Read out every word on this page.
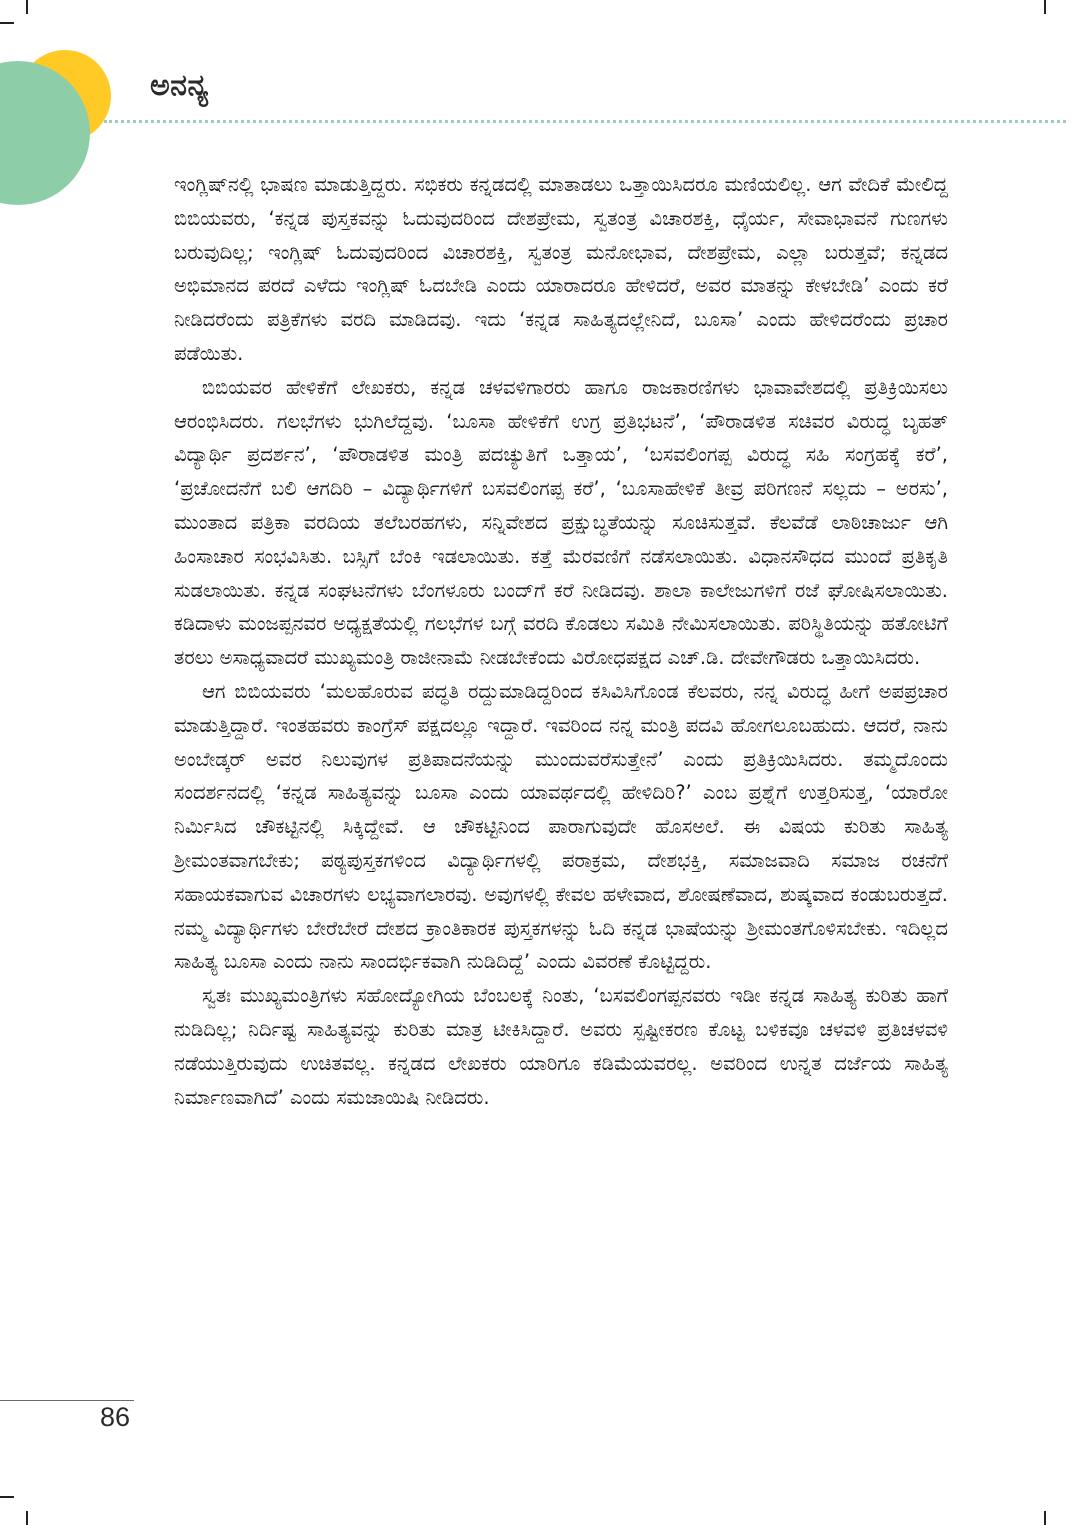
ಅನನ್ಯ

ಇಂಗ್ಲಿಷ್‌ನಲ್ಲಿ ಭಾಷಣ ಮಾಡುತ್ತಿದ್ದರು. ಸಭಿಕರು ಕನ್ನಡದಲ್ಲಿ ಮಾತಾಡಲು ಒತ್ತಾಯಿಸಿದರೂ ಮಣಿಯಲಿಲ್ಲ. ಆಗ ವೇದಿಕೆ ಮೇಲಿದ್ದ ಬಿಬಿಯವರು, ‘ಕನ್ನಡ ಪುಸ್ತಕವನ್ನು ಓದುವುದರಿಂದ ದೇಶಪ್ರೇಮ, ಸ್ವತಂತ್ರ ವಿಚಾರಶಕ್ತಿ, ಧೈರ್ಯ, ಸೇವಾಭಾವನೆ ಗುಣಗಳು ಬರುವುದಿಲ್ಲ; ಇಂಗ್ಲಿಷ್ ಓದುವುದರಿಂದ ವಿಚಾರಶಕ್ತಿ, ಸ್ವತಂತ್ರ ಮನೋಭಾವ, ದೇಶಪ್ರೇಮ, ಎಲ್ಲಾ ಬರುತ್ತವೆ; ಕನ್ನಡದ ಅಭಿಮಾನದ ಪರದೆ ಎಳೆದು ಇಂಗ್ಲಿಷ್ ಓದಬೇಡಿ ಎಂದು ಯಾರಾದರೂ ಹೇಳಿದರೆ, ಅವರ ಮಾತನ್ನು ಕೇಳಬೇಡಿ’ ಎಂದು ಕರೆ ನೀಡಿದರೆಂದು ಪತ್ರಿಕೆಗಳು ವರದಿ ಮಾಡಿದವು. ಇದು ‘ಕನ್ನಡ ಸಾಹಿತ್ಯದಲ್ಲೇನಿದೆ, ಬೂಸಾ’ ಎಂದು ಹೇಳಿದರೆಂದು ಪ್ರಚಾರ ಪಡೆಯಿತು.

ಬಿಬಿಯವರ ಹೇಳಿಕೆಗೆ ಲೇಖಕರು, ಕನ್ನಡ ಚಳವಳಿಗಾರರು ಹಾಗೂ ರಾಜಕಾರಣಿಗಳು ಭಾವಾವೇಶದಲ್ಲಿ ಪ್ರತಿಕ್ರಿಯಿಸಲು ಆರಂಭಿಸಿದರು. ಗಲಭೆಗಳು ಭುಗಿಲೆದ್ದವು. ‘ಬೂಸಾ ಹೇಳಿಕೆಗೆ ಉಗ್ರ ಪ್ರತಿಭಟನೆ’, ‘ಪೌರಾಡಳಿತ ಸಚಿವರ ವಿರುದ್ಧ ಬೃಹತ್ ವಿದ್ಯಾರ್ಥಿ ಪ್ರದರ್ಶನ’, ‘ಪೌರಾಡಳಿತ ಮಂತ್ರಿ ಪದಚ್ಯುತಿಗೆ ಒತ್ತಾಯ’, ‘ಬಸವಲಿಂಗಪ್ಪ ವಿರುದ್ಧ ಸಹಿ ಸಂಗ್ರಹಕ್ಕೆ ಕರೆ’, ‘ಪ್ರಚೋದನೆಗೆ ಬಲಿ ಆಗದಿರಿ – ವಿದ್ಯಾರ್ಥಿಗಳಿಗೆ ಬಸವಲಿಂಗಪ್ಪ ಕರೆ’, ‘ಬೂಸಾಹೇಳಿಕೆ ತೀವ್ರ ಪರಿಗಣನೆ ಸಲ್ಲದು – ಅರಸು’, ಮುಂತಾದ ಪತ್ರಿಕಾ ವರದಿಯ ತಲೆಬರಹಗಳು, ಸನ್ನಿವೇಶದ ಪ್ರಕ್ಷುಬ್ಧತೆಯನ್ನು ಸೂಚಿಸುತ್ತವೆ. ಕೆಲವೆಡೆ ಲಾಠಿಚಾರ್ಜು ಆಗಿ ಹಿಂಸಾಚಾರ ಸಂಭವಿಸಿತು. ಬಸ್ಸಿಗೆ ಬೆಂಕಿ ಇಡಲಾಯಿತು. ಕತ್ತೆ ಮೆರವಣಿಗೆ ನಡೆಸಲಾಯಿತು. ವಿಧಾನಸೌಧದ ಮುಂದೆ ಪ್ರತಿಕೃತಿ ಸುಡಲಾಯಿತು. ಕನ್ನಡ ಸಂಘಟನೆಗಳು ಬೆಂಗಳೂರು ಬಂದ್‌ಗೆ ಕರೆ ನೀಡಿದವು. ಶಾಲಾ ಕಾಲೇಜುಗಳಿಗೆ ರಜೆ ಘೋಷಿಸಲಾಯಿತು. ಕಡಿದಾಳು ಮಂಜಪ್ಪನವರ ಅಧ್ಯಕ್ಷತೆಯಲ್ಲಿ ಗಲಭೆಗಳ ಬಗ್ಗೆ ವರದಿ ಕೊಡಲು ಸಮಿತಿ ನೇಮಿಸಲಾಯಿತು. ಪರಿಸ್ಥಿತಿಯನ್ನು ಹತೋಟಿಗೆ ತರಲು ಅಸಾಧ್ಯವಾದರೆ ಮುಖ್ಯಮಂತ್ರಿ ರಾಜೀನಾಮೆ ನೀಡಬೇಕೆಂದು ವಿರೋಧಪಕ್ಷದ ಎಚ್.ಡಿ. ದೇವೇಗೌಡರು ಒತ್ತಾಯಿಸಿದರು.

ಆಗ ಬಿಬಿಯವರು ‘ಮಲಹೊರುವ ಪದ್ಧತಿ ರದ್ದುಮಾಡಿದ್ದರಿಂದ ಕಸಿವಿಸಿಗೊಂಡ ಕೆಲವರು, ನನ್ನ ವಿರುದ್ಧ ಹೀಗೆ ಅಪಪ್ರಚಾರ ಮಾಡುತ್ತಿದ್ದಾರೆ. ಇಂತಹವರು ಕಾಂಗ್ರೆಸ್ ಪಕ್ಷದಲ್ಲೂ ಇದ್ದಾರೆ. ಇವರಿಂದ ನನ್ನ ಮಂತ್ರಿ ಪದವಿ ಹೋಗಲೂಬಹುದು. ಆದರೆ, ನಾನು ಅಂಬೇಡ್ಕರ್ ಅವರ ನಿಲುವುಗಳ ಪ್ರತಿಪಾದನೆಯನ್ನು ಮುಂದುವರೆಸುತ್ತೇನೆ’ ಎಂದು ಪ್ರತಿಕ್ರಿಯಿಸಿದರು. ತಮ್ಮದೊಂದು ಸಂದರ್ಶನದಲ್ಲಿ ‘ಕನ್ನಡ ಸಾಹಿತ್ಯವನ್ನು ಬೂಸಾ ಎಂದು ಯಾವರ್ಥದಲ್ಲಿ ಹೇಳಿದಿರಿ?’ ಎಂಬ ಪ್ರಶ್ನೆಗೆ ಉತ್ತರಿಸುತ್ತ, ‘ಯಾರೋ ನಿರ್ಮಿಸಿದ ಚೌಕಟ್ಟಿನಲ್ಲಿ ಸಿಕ್ಕಿದ್ದೇವೆ. ಆ ಚೌಕಟ್ಟಿನಿಂದ ಪಾರಾಗುವುದೇ ಹೊಸಅಲೆ. ಈ ವಿಷಯ ಕುರಿತು ಸಾಹಿತ್ಯ ಶ್ರೀಮಂತವಾಗಬೇಕು; ಪಠ್ಯಪುಸ್ತಕಗಳಿಂದ ವಿದ್ಯಾರ್ಥಿಗಳಲ್ಲಿ ಪರಾಕ್ರಮ, ದೇಶಭಕ್ತಿ, ಸಮಾಜವಾದಿ ಸಮಾಜ ರಚನೆಗೆ ಸಹಾಯಕವಾಗುವ ವಿಚಾರಗಳು ಲಭ್ಯವಾಗಲಾರವು. ಅವುಗಳಲ್ಲಿ ಕೇವಲ ಹಳೇವಾದ, ಶೋಷಣೆವಾದ, ಶುಷ್ಕವಾದ ಕಂಡುಬರುತ್ತದೆ. ನಮ್ಮ ವಿದ್ಯಾರ್ಥಿಗಳು ಬೇರೆಬೇರೆ ದೇಶದ ಕ್ರಾಂತಿಕಾರಕ ಪುಸ್ತಕಗಳನ್ನು ಓದಿ ಕನ್ನಡ ಭಾಷೆಯನ್ನು ಶ್ರೀಮಂತಗೊಳಿಸಬೇಕು. ಇದಿಲ್ಲದ ಸಾಹಿತ್ಯ ಬೂಸಾ ಎಂದು ನಾನು ಸಾಂದರ್ಭಿಕವಾಗಿ ನುಡಿದಿದ್ದೆ’ ಎಂದು ವಿವರಣೆ ಕೊಟ್ಟಿದ್ದರು.

ಸ್ವತಃ ಮುಖ್ಯಮಂತ್ರಿಗಳು ಸಹೋದ್ಯೋಗಿಯ ಬೆಂಬಲಕ್ಕೆ ನಿಂತು, ‘ಬಸವಲಿಂಗಪ್ಪನವರು ಇಡೀ ಕನ್ನಡ ಸಾಹಿತ್ಯ ಕುರಿತು ಹಾಗೆ ನುಡಿದಿಲ್ಲ; ನಿರ್ದಿಷ್ಟ ಸಾಹಿತ್ಯವನ್ನು ಕುರಿತು ಮಾತ್ರ ಟೀಕಿಸಿದ್ದಾರೆ. ಅವರು ಸ್ಪಷ್ಟೀಕರಣ ಕೊಟ್ಟ ಬಳಿಕವೂ ಚಳವಳಿ ಪ್ರತಿಚಳವಳಿ ನಡೆಯುತ್ತಿರುವುದು ಉಚಿತವಲ್ಲ. ಕನ್ನಡದ ಲೇಖಕರು ಯಾರಿಗೂ ಕಡಿಮೆಯವರಲ್ಲ. ಅವರಿಂದ ಉನ್ನತ ದರ್ಜೆಯ ಸಾಹಿತ್ಯ ನಿರ್ಮಾಣವಾಗಿದೆ’ ಎಂದು ಸಮಜಾಯಿಷಿ ನೀಡಿದರು.

86
